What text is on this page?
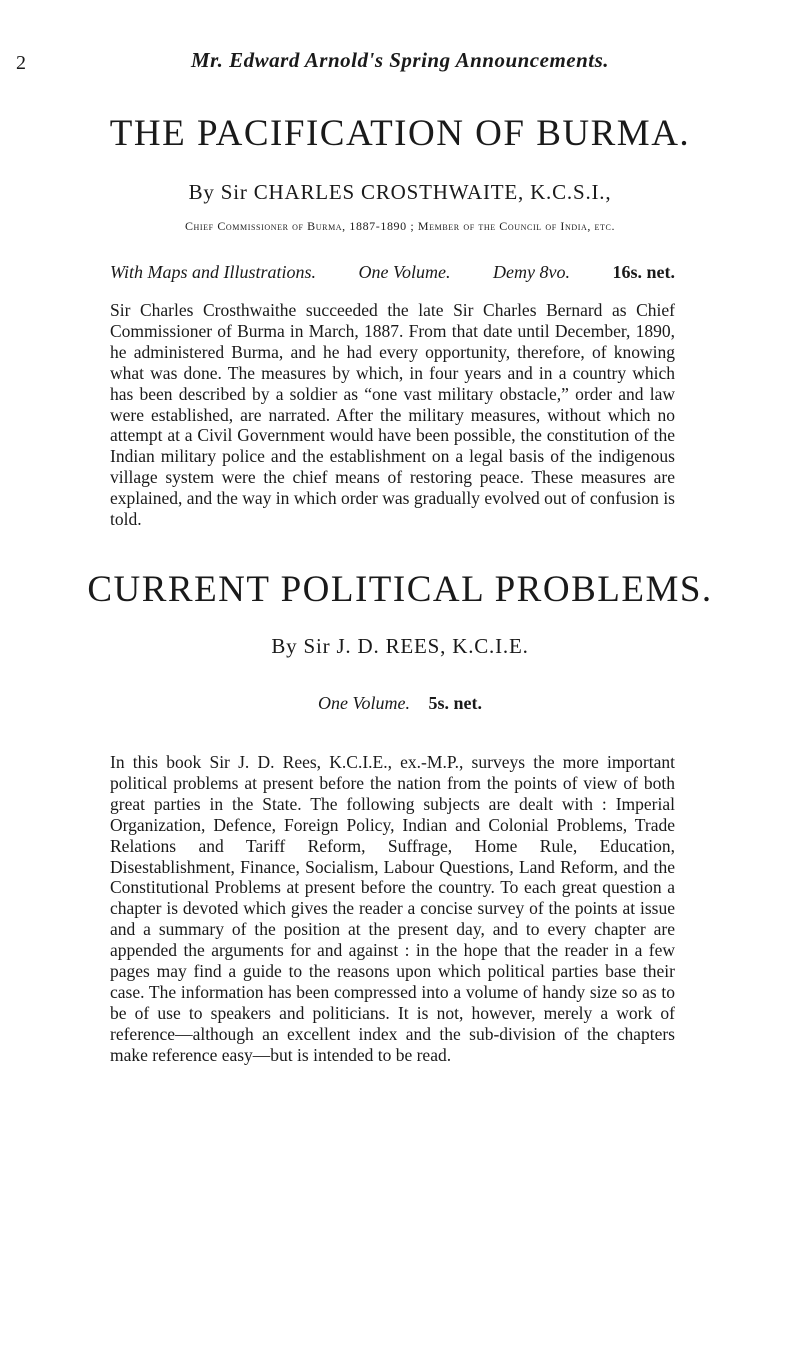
2	Mr. Edward Arnold's Spring Announcements.
THE PACIFICATION OF BURMA.
By Sir CHARLES CROSTHWAITE, K.C.S.I.,
Chief Commissioner of Burma, 1887-1890 ; Member of the Council of India, etc.
With Maps and Illustrations. One Volume. Demy 8vo. 16s. net.

Sir Charles Crosthwaithe succeeded the late Sir Charles Bernard as Chief Commissioner of Burma in March, 1887. From that date until December, 1890, he administered Burma, and he had every opportunity, therefore, of knowing what was done. The measures by which, in four years and in a country which has been described by a soldier as “one vast military obstacle,” order and law were established, are narrated. After the military measures, without which no attempt at a Civil Government would have been possible, the constitution of the Indian military police and the establishment on a legal basis of the indigenous village system were the chief means of restoring peace. These measures are explained, and the way in which order was gradually evolved out of confusion is told.

CURRENT POLITICAL PROBLEMS.
By Sir J. D. REES, K.C.I.E.
One Volume. 5s. net.

In this book Sir J. D. Rees, K.C.I.E., ex.-M.P., surveys the more important political problems at present before the nation from the points of view of both great parties in the State. The following subjects are dealt with : Imperial Organization, Defence, Foreign Policy, Indian and Colonial Problems, Trade Relations and Tariff Reform, Suffrage, Home Rule, Education, Disestablishment, Finance, Socialism, Labour Questions, Land Reform, and the Constitutional Problems at present before the country. To each great question a chapter is devoted which gives the reader a concise survey of the points at issue and a summary of the position at the present day, and to every chapter are appended the arguments for and against : in the hope that the reader in a few pages may find a guide to the reasons upon which political parties base their case. The information has been compressed into a volume of handy size so as to be of use to speakers and politicians. It is not, however, merely a work of reference—although an excellent index and the sub-division of the chapters make reference easy—but is intended to be read.
